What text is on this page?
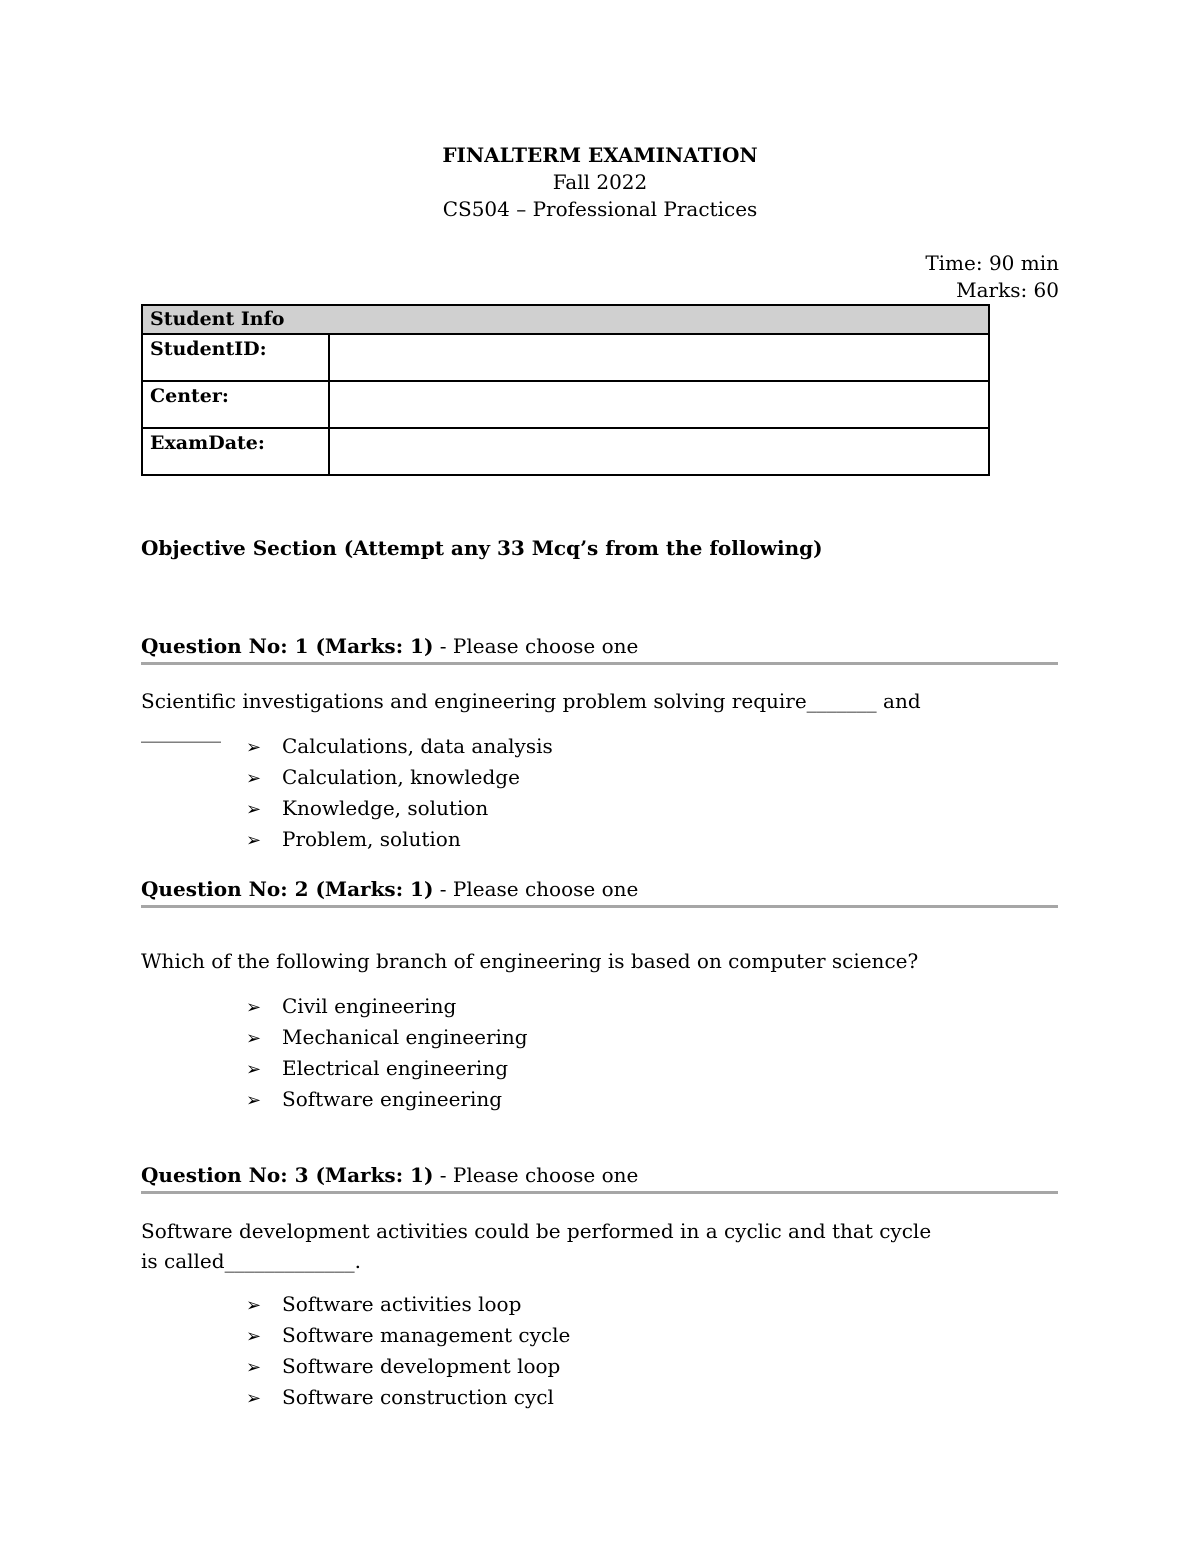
FINALTERM EXAMINATION
Fall 2022
CS504 – Professional Practices
Time: 90 min
Marks: 60
Student Info	
StudentID:	
Center:	
ExamDate:	
Objective Section (Attempt any 33 Mcq’s from the following)
Question No: 1 (Marks: 1) - Please choose one
Scientific investigations and engineering problem solving require_______ and ________
➢ Calculations, data analysis
➢ Calculation, knowledge
➢ Knowledge, solution
➢ Problem, solution
Question No: 2 (Marks: 1) - Please choose one
Which of the following branch of engineering is based on computer science?
➢ Civil engineering
➢ Mechanical engineering
➢ Electrical engineering
➢ Software engineering
Question No: 3 (Marks: 1) - Please choose one
Software development activities could be performed in a cyclic and that cycle is called_____________.
➢ Software activities loop
➢ Software management cycle
➢ Software development loop
➢ Software construction cycl
